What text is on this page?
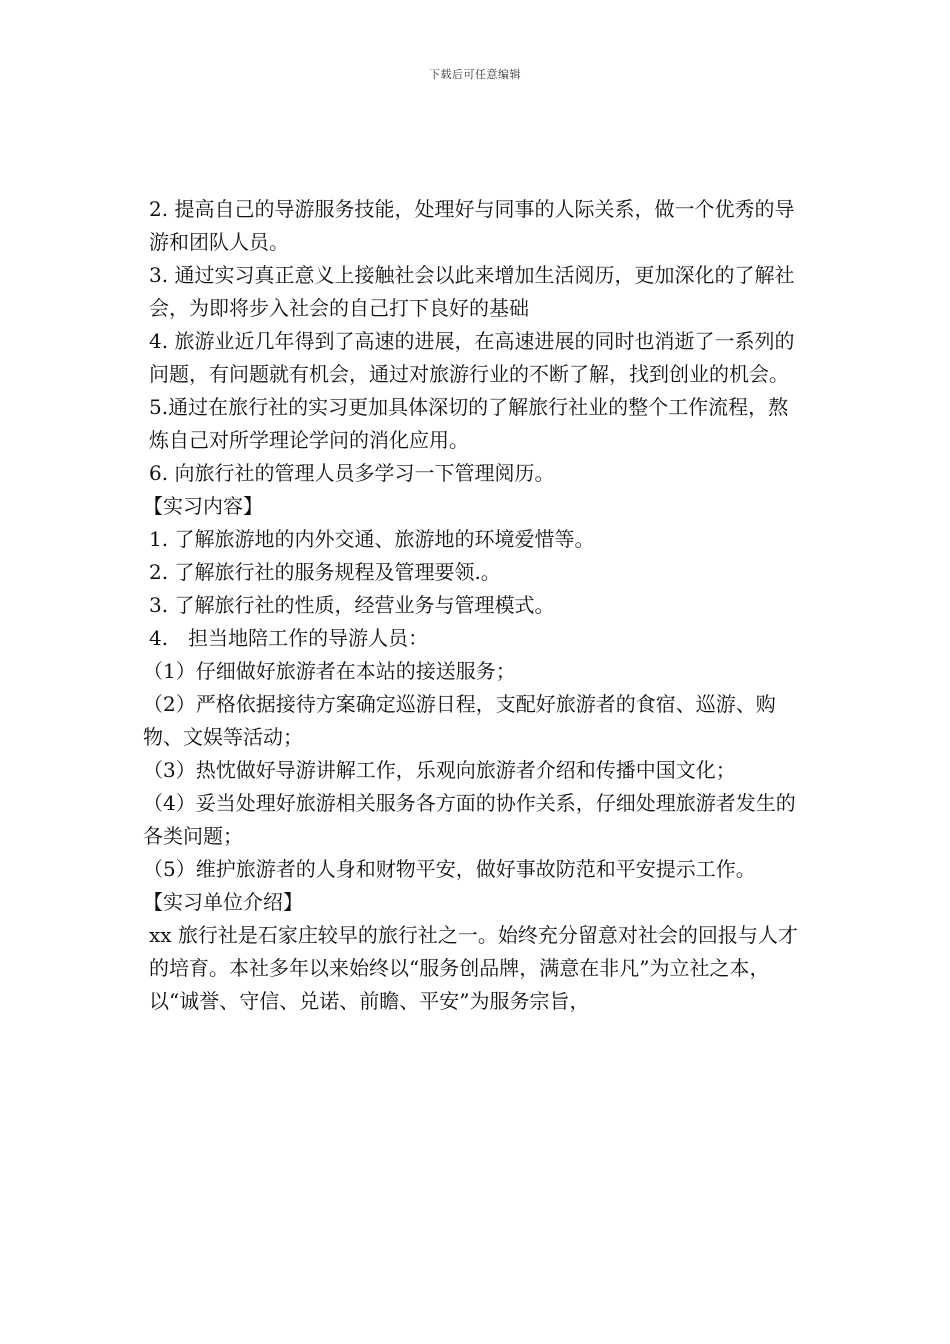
下载后可任意编辑

2. 提高自己的导游服务技能，处理好与同事的人际关系，做一个优秀的导游和团队人员。

3. 通过实习真正意义上接触社会以此来增加生活阅历，更加深化的了解社会，为即将步入社会的自己打下良好的基础

4. 旅游业近几年得到了高速的进展，在高速进展的同时也消逝了一系列的问题，有问题就有机会，通过对旅游行业的不断了解，找到创业的机会。

5.通过在旅行社的实习更加具体深切的了解旅行社业的整个工作流程，熬炼自己对所学理论学问的消化应用。

6. 向旅行社的管理人员多学习一下管理阅历。

【实习内容】

1. 了解旅游地的内外交通、旅游地的环境爱惜等。

2. 了解旅行社的服务规程及管理要领.。

3. 了解旅行社的性质，经营业务与管理模式。

4.　担当地陪工作的导游人员：

（1）仔细做好旅游者在本站的接送服务；

（2）严格依据接待方案确定巡游日程，支配好旅游者的食宿、巡游、购物、文娱等活动；

（3）热忱做好导游讲解工作，乐观向旅游者介绍和传播中国文化；

（4）妥当处理好旅游相关服务各方面的协作关系，仔细处理旅游者发生的各类问题；

（5）维护旅游者的人身和财物平安，做好事故防范和平安提示工作。

【实习单位介绍】

xx 旅行社是石家庄较早的旅行社之一。始终充分留意对社会的回报与人才的培育。本社多年以来始终以“服务创品牌，满意在非凡”为立社之本，以“诚誉、守信、兑诺、前瞻、平安”为服务宗旨，
